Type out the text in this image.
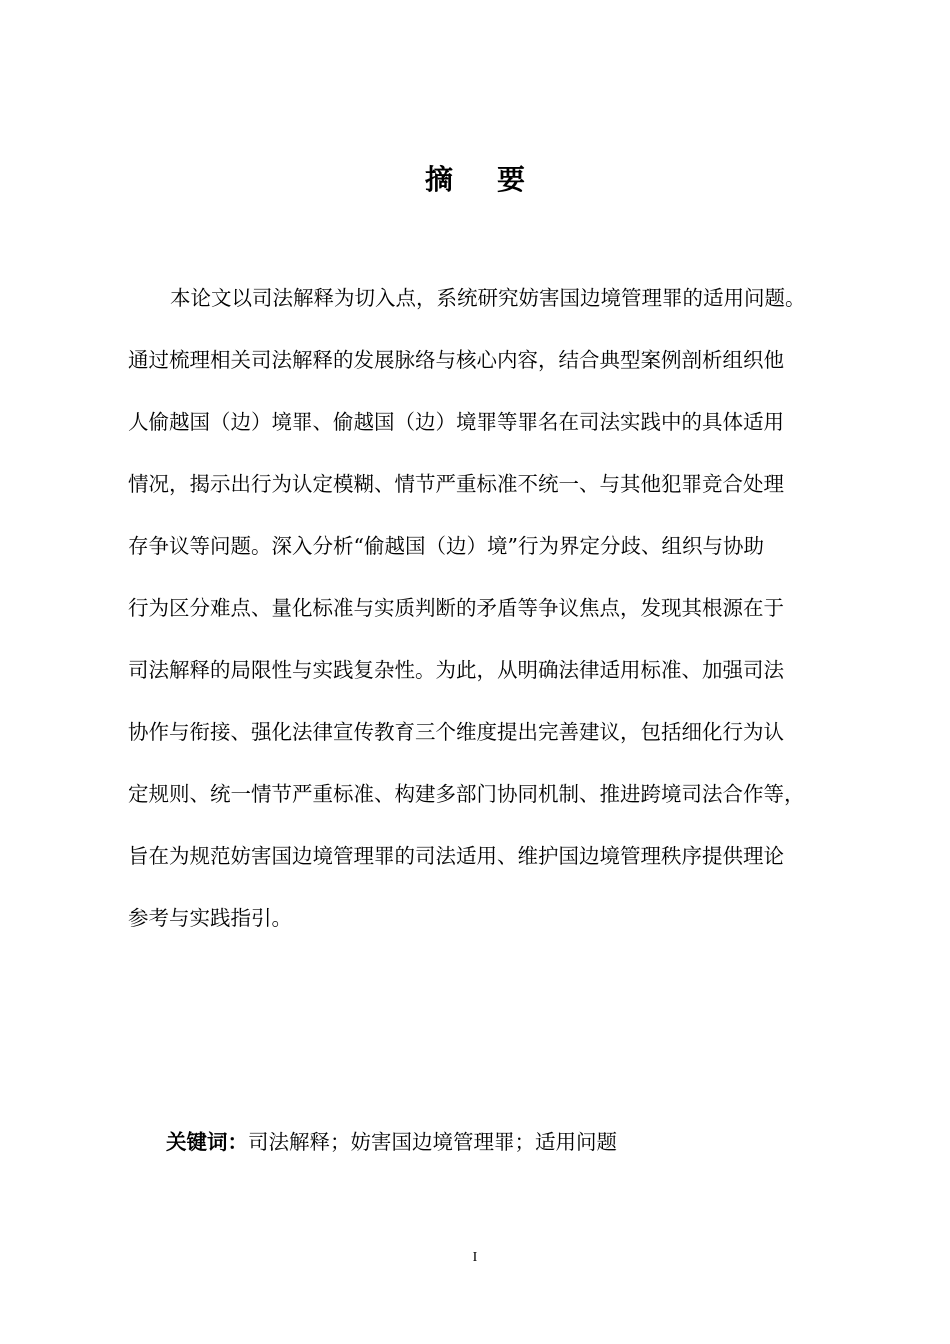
摘 要
本论文以司法解释为切入点，系统研究妨害国边境管理罪的适用问题。
通过梳理相关司法解释的发展脉络与核心内容，结合典型案例剖析组织他
人偷越国（边）境罪、偷越国（边）境罪等罪名在司法实践中的具体适用
情况，揭示出行为认定模糊、情节严重标准不统一、与其他犯罪竞合处理
存争议等问题。深入分析“偷越国（边）境”行为界定分歧、组织与协助
行为区分难点、量化标准与实质判断的矛盾等争议焦点，发现其根源在于
司法解释的局限性与实践复杂性。为此，从明确法律适用标准、加强司法
协作与衔接、强化法律宣传教育三个维度提出完善建议，包括细化行为认
定规则、统一情节严重标准、构建多部门协同机制、推进跨境司法合作等，
旨在为规范妨害国边境管理罪的司法适用、维护国边境管理秩序提供理论
参考与实践指引。
关键词：司法解释；妨害国边境管理罪；适用问题
I
